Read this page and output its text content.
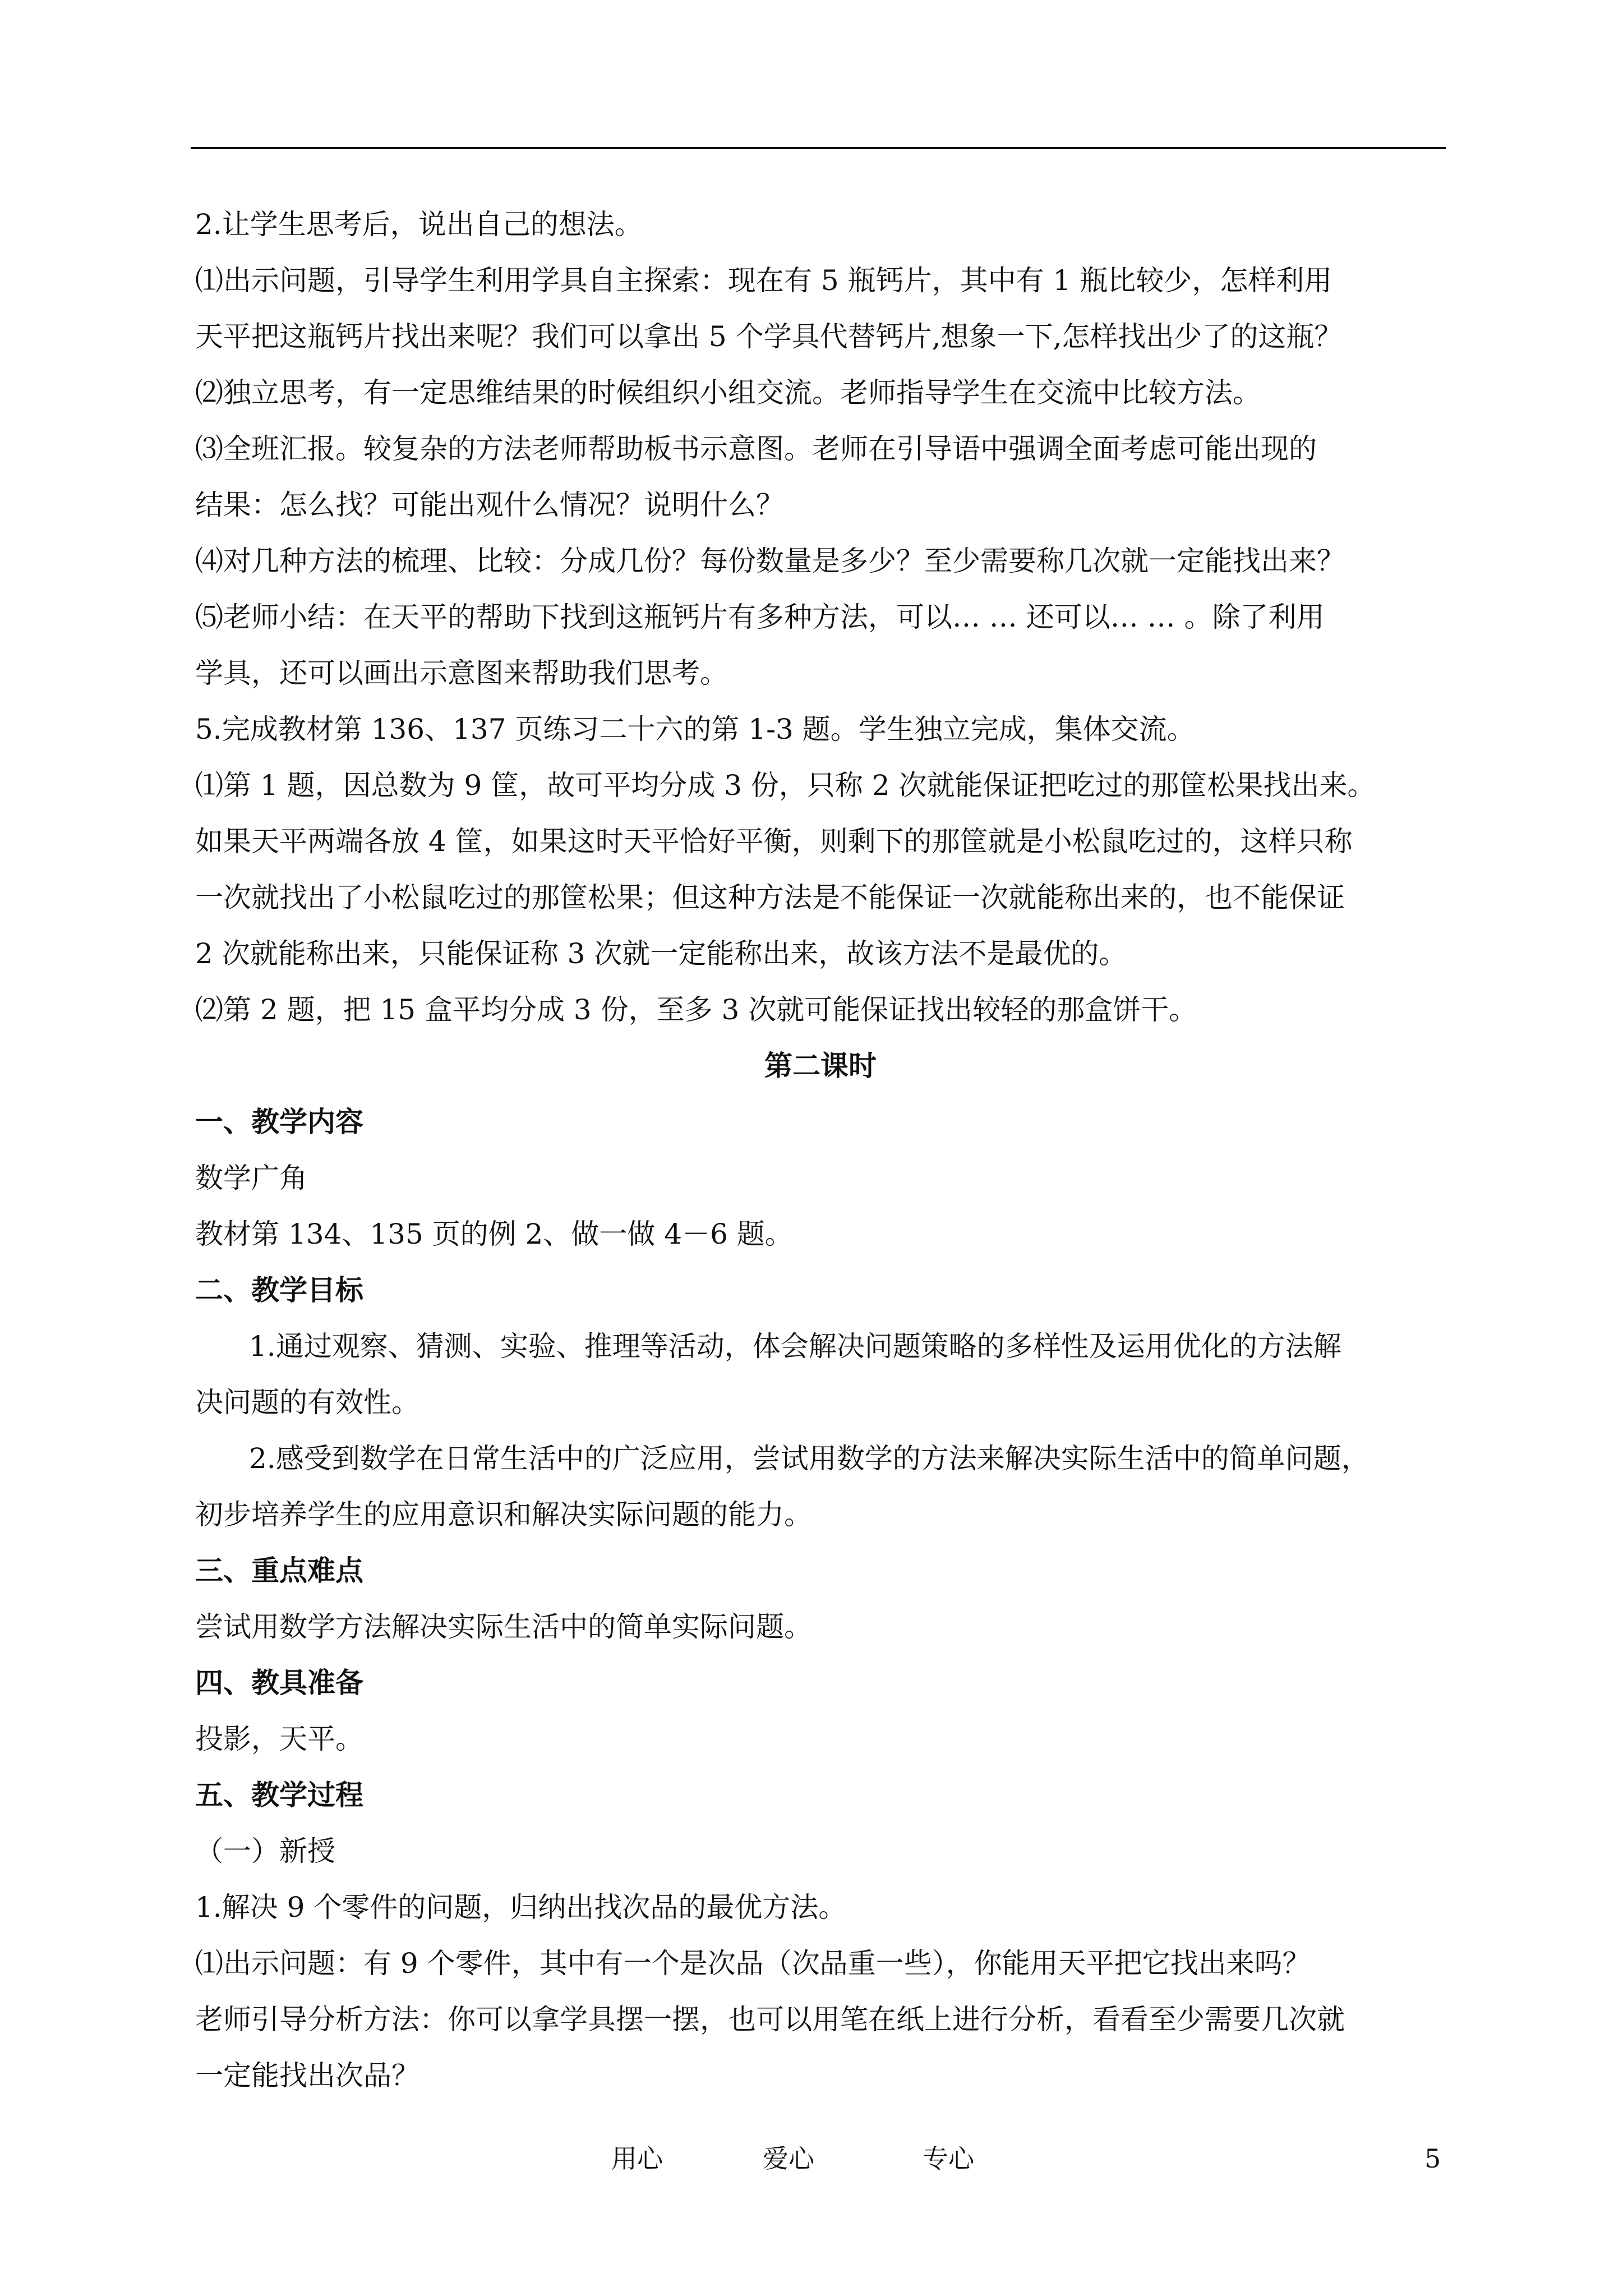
2.让学生思考后，说出自己的想法。
⑴出示问题，引导学生利用学具自主探索：现在有 5 瓶钙片，其中有 1 瓶比较少，怎样利用
天平把这瓶钙片找出来呢？我们可以拿出 5 个学具代替钙片,想象一下,怎样找出少了的这瓶？
⑵独立思考，有一定思维结果的时候组织小组交流。老师指导学生在交流中比较方法。
⑶全班汇报。较复杂的方法老师帮助板书示意图。老师在引导语中强调全面考虑可能出现的
结果：怎么找？可能出观什么情况？说明什么？
⑷对几种方法的梳理、比较：分成几份？每份数量是多少？至少需要称几次就一定能找出来？
⑸老师小结：在天平的帮助下找到这瓶钙片有多种方法，可以… … 还可以… … 。除了利用
学具，还可以画出示意图来帮助我们思考。
5.完成教材第 136、137 页练习二十六的第 1-3 题。学生独立完成，集体交流。
⑴第 1 题，因总数为 9 筐，故可平均分成 3 份，只称 2 次就能保证把吃过的那筐松果找出来。
如果天平两端各放 4 筐，如果这时天平恰好平衡，则剩下的那筐就是小松鼠吃过的，这样只称
一次就找出了小松鼠吃过的那筐松果；但这种方法是不能保证一次就能称出来的，也不能保证
2 次就能称出来，只能保证称 3 次就一定能称出来，故该方法不是最优的。
⑵第 2 题，把 15 盒平均分成 3 份，至多 3 次就可能保证找出较轻的那盒饼干。
第二课时
一、教学内容
数学广角
教材第 134、135 页的例 2、做一做 4－6 题。
二、教学目标
1.通过观察、猜测、实验、推理等活动，体会解决问题策略的多样性及运用优化的方法解
决问题的有效性。
2.感受到数学在日常生活中的广泛应用，尝试用数学的方法来解决实际生活中的简单问题，
初步培养学生的应用意识和解决实际问题的能力。
三、重点难点
尝试用数学方法解决实际生活中的简单实际问题。
四、教具准备
投影，天平。
五、教学过程
（一）新授
1.解决 9 个零件的问题，归纳出找次品的最优方法。
⑴出示问题：有 9 个零件，其中有一个是次品（次品重一些），你能用天平把它找出来吗？
老师引导分析方法：你可以拿学具摆一摆，也可以用笔在纸上进行分析，看看至少需要几次就
一定能找出次品？
用心	爱心	专心	5
